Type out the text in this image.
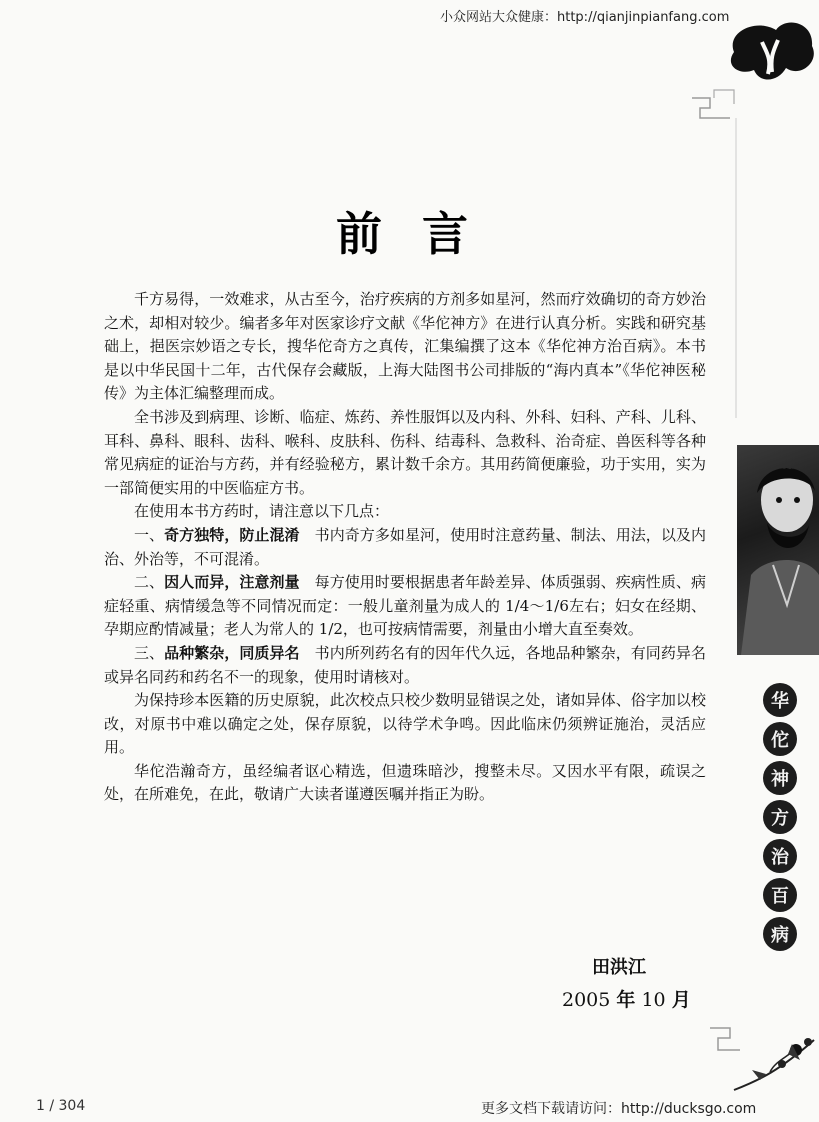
小众网站大众健康：http://qianjinpianfang.com
前言

千方易得，一效难求，从古至今，治疗疾病的方剂多如星河，然而疗效确切的奇方妙治之术，却相对较少。编者多年对医家诊疗文献《华佗神方》在进行认真分析。实践和研究基础上，挹医宗妙语之专长，搜华佗奇方之真传，汇集编撰了这本《华佗神方治百病》。本书是以中华民国十二年，古代保存会藏版，上海大陆图书公司排版的“海内真本”《华佗神医秘传》为主体汇编整理而成。

全书涉及到病理、诊断、临症、炼药、养性服饵以及内科、外科、妇科、产科、儿科、耳科、鼻科、眼科、齿科、喉科、皮肤科、伤科、结毒科、急救科、治奇症、兽医科等各种常见病症的证治与方药，并有经验秘方，累计数千余方。其用药简便廉验，功于实用，实为一部简便实用的中医临症方书。

在使用本书方药时，请注意以下几点：

一、奇方独特，防止混淆　书内奇方多如星河，使用时注意药量、制法、用法，以及内治、外治等，不可混淆。

二、因人而异，注意剂量　每方使用时要根据患者年龄差异、体质强弱、疾病性质、病症轻重、病情缓急等不同情况而定：一般儿童剂量为成人的 1/4～1/6左右；妇女在经期、孕期应酌情减量；老人为常人的 1/2，也可按病情需要，剂量由小增大直至奏效。

三、品种繁杂，同质异名　书内所列药名有的因年代久远，各地品种繁杂，有同药异名或异名同药和药名不一的现象，使用时请核对。

为保持珍本医籍的历史原貌，此次校点只校少数明显错误之处，诸如异体、俗字加以校改，对原书中难以确定之处，保存原貌，以待学术争鸣。因此临床仍须辨证施治，灵活应用。

华佗浩瀚奇方，虽经编者讴心精选，但遗珠暗沙，搜整未尽。又因水平有限，疏误之处，在所难免，在此，敬请广大读者谨遵医嘱并指正为盼。

田洪江
2005 年 10 月
华
佗
神
方
治
百
病
1 / 304	更多文档下载请访问：http://ducksgo.com
